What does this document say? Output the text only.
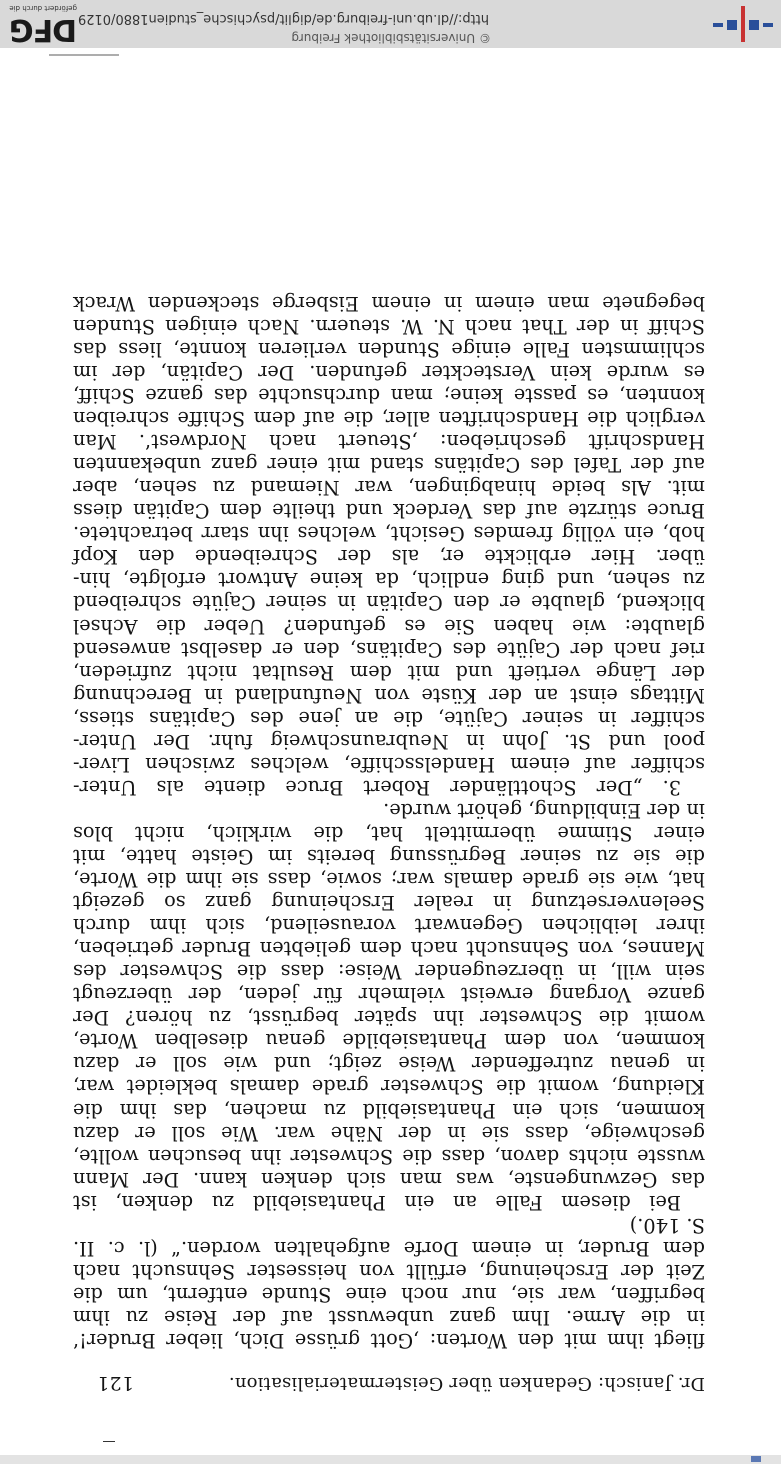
Dr. Janisch: Gedanken über Geistermaterialisation.
121
fliegt ihm mit den Worten: ‚Gott grüsse Dich, lieber Bruder!‘
in die Arme. Ihm ganz unbewusst auf der Reise zu ihm
begriffen, war sie, nur noch eine Stunde entfernt, um die
Zeit der Erscheinung, erfüllt von heissester Sehnsucht nach
dem Bruder, in einem Dorfe aufgehalten worden.“ (l. c. II.
S. 140.)
Bei diesem Falle an ein Phantasiebild zu denken, ist
das Gezwungenste, was man sich denken kann. Der Mann
wusste nichts davon, dass die Schwester ihn besuchen wollte,
geschweige, dass sie in der Nähe war. Wie soll er dazu
kommen, sich ein Phantasiebild zu machen, das ihm die
Kleidung, womit die Schwester grade damals bekleidet war,
in genau zutreffender Weise zeigt; und wie soll er dazu
kommen, von dem Phantasiebilde genau dieselben Worte,
womit die Schwester ihn später begrüsst, zu hören? Der
ganze Vorgang erweist vielmehr für jeden, der überzeugt
sein will, in überzeugender Weise: dass die Schwester des
Mannes, von Sehnsucht nach dem geliebten Bruder getrieben,
ihrer leiblichen Gegenwart vorauseilend, sich ihm durch
Seelenversetzung in realer Erscheinung ganz so gezeigt
hat, wie sie grade damals war; sowie, dass sie ihm die Worte,
die sie zu seiner Begrüssung bereits im Geiste hatte, mit
einer Stimme übermittelt hat, die wirklich, nicht blos
in der Einbildung, gehört wurde.
3. „Der Schottländer Robert Bruce diente als Unter-
schiffer auf einem Handelsschiffe, welches zwischen Liver-
pool und St. John in Neubraunschweig fuhr. Der Unter-
schiffer in seiner Cajüte, die an jene des Capitäns stiess,
Mittags einst an der Küste von Neufundland in Berechnung
der Länge vertieft und mit dem Resultat nicht zufrieden,
rief nach der Cajüte des Capitäns, den er daselbst anwesend
glaubte: wie haben Sie es gefunden? Ueber die Achsel
blickend, glaubte er den Capitän in seiner Cajüte schreibend
zu sehen, und ging endlich, da keine Antwort erfolgte, hin-
über. Hier erblickte er, als der Schreibende den Kopf
hob, ein völlig fremdes Gesicht, welches ihn starr betrachtete.
Bruce stürzte auf das Verdeck und theilte dem Capitän diess
mit. Als beide hinabgingen, war Niemand zu sehen, aber
auf der Tafel des Capitäns stand mit einer ganz unbekannten
Handschrift geschrieben: ‚Steuert nach Nordwest‘. Man
verglich die Handschriften aller, die auf dem Schiffe schreiben
konnten, es passte keine; man durchsuchte das ganze Schiff,
es wurde kein Versteckter gefunden. Der Capitän, der im
schlimmsten Falle einige Stunden verlieren konnte, liess das
Schiff in der That nach N. W. steuern. Nach einigen Stunden
begegnete man einem in einem Eisberge steckenden Wrack
© Universitätsbibliothek Freiburg
http://dl.ub.uni-freiburg.de/diglit/psychische_studien1880/0129
DFG
gefördert durch die
